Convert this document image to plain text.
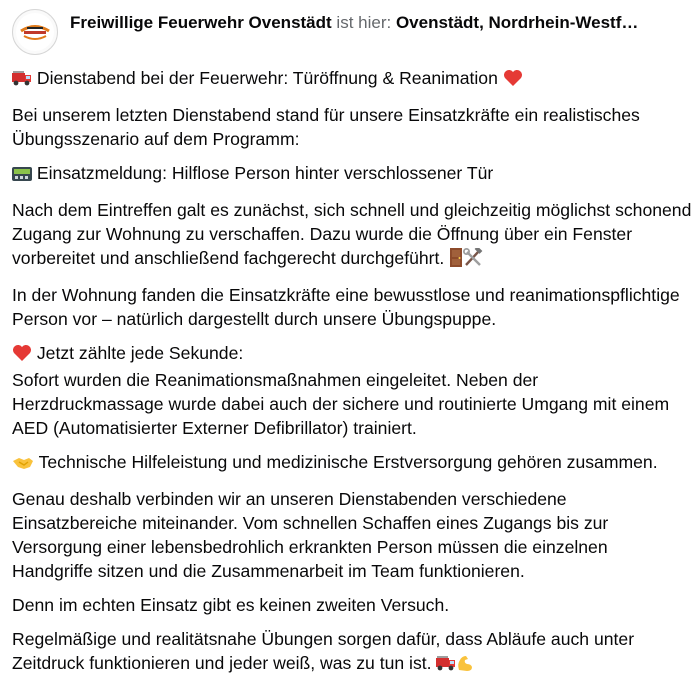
Freiwillige Feuerwehr Ovenstädt ist hier: Ovenstädt, Nordrhein-Westf…

Dienstabend bei der Feuerwehr: Türöffnung & Reanimation

Bei unserem letzten Dienstabend stand für unsere Einsatzkräfte ein realistisches Übungsszenario auf dem Programm:

Einsatzmeldung: Hilflose Person hinter verschlossener Tür

Nach dem Eintreffen galt es zunächst, sich schnell und gleichzeitig möglichst schonend Zugang zur Wohnung zu verschaffen. Dazu wurde die Öffnung über ein Fenster vorbereitet und anschließend fachgerecht durchgeführt.

In der Wohnung fanden die Einsatzkräfte eine bewusstlose und reanimationspflichtige Person vor – natürlich dargestellt durch unsere Übungspuppe.

Jetzt zählte jede Sekunde:
Sofort wurden die Reanimationsmaßnahmen eingeleitet. Neben der Herzdruckmassage wurde dabei auch der sichere und routinierte Umgang mit einem AED (Automatisierter Externer Defibrillator) trainiert.

Technische Hilfeleistung und medizinische Erstversorgung gehören zusammen.

Genau deshalb verbinden wir an unseren Dienstabenden verschiedene Einsatzbereiche miteinander. Vom schnellen Schaffen eines Zugangs bis zur Versorgung einer lebensbedrohlich erkrankten Person müssen die einzelnen Handgriffe sitzen und die Zusammenarbeit im Team funktionieren.

Denn im echten Einsatz gibt es keinen zweiten Versuch.

Regelmäßige und realitätsnahe Übungen sorgen dafür, dass Abläufe auch unter Zeitdruck funktionieren und jeder weiß, was zu tun ist.
